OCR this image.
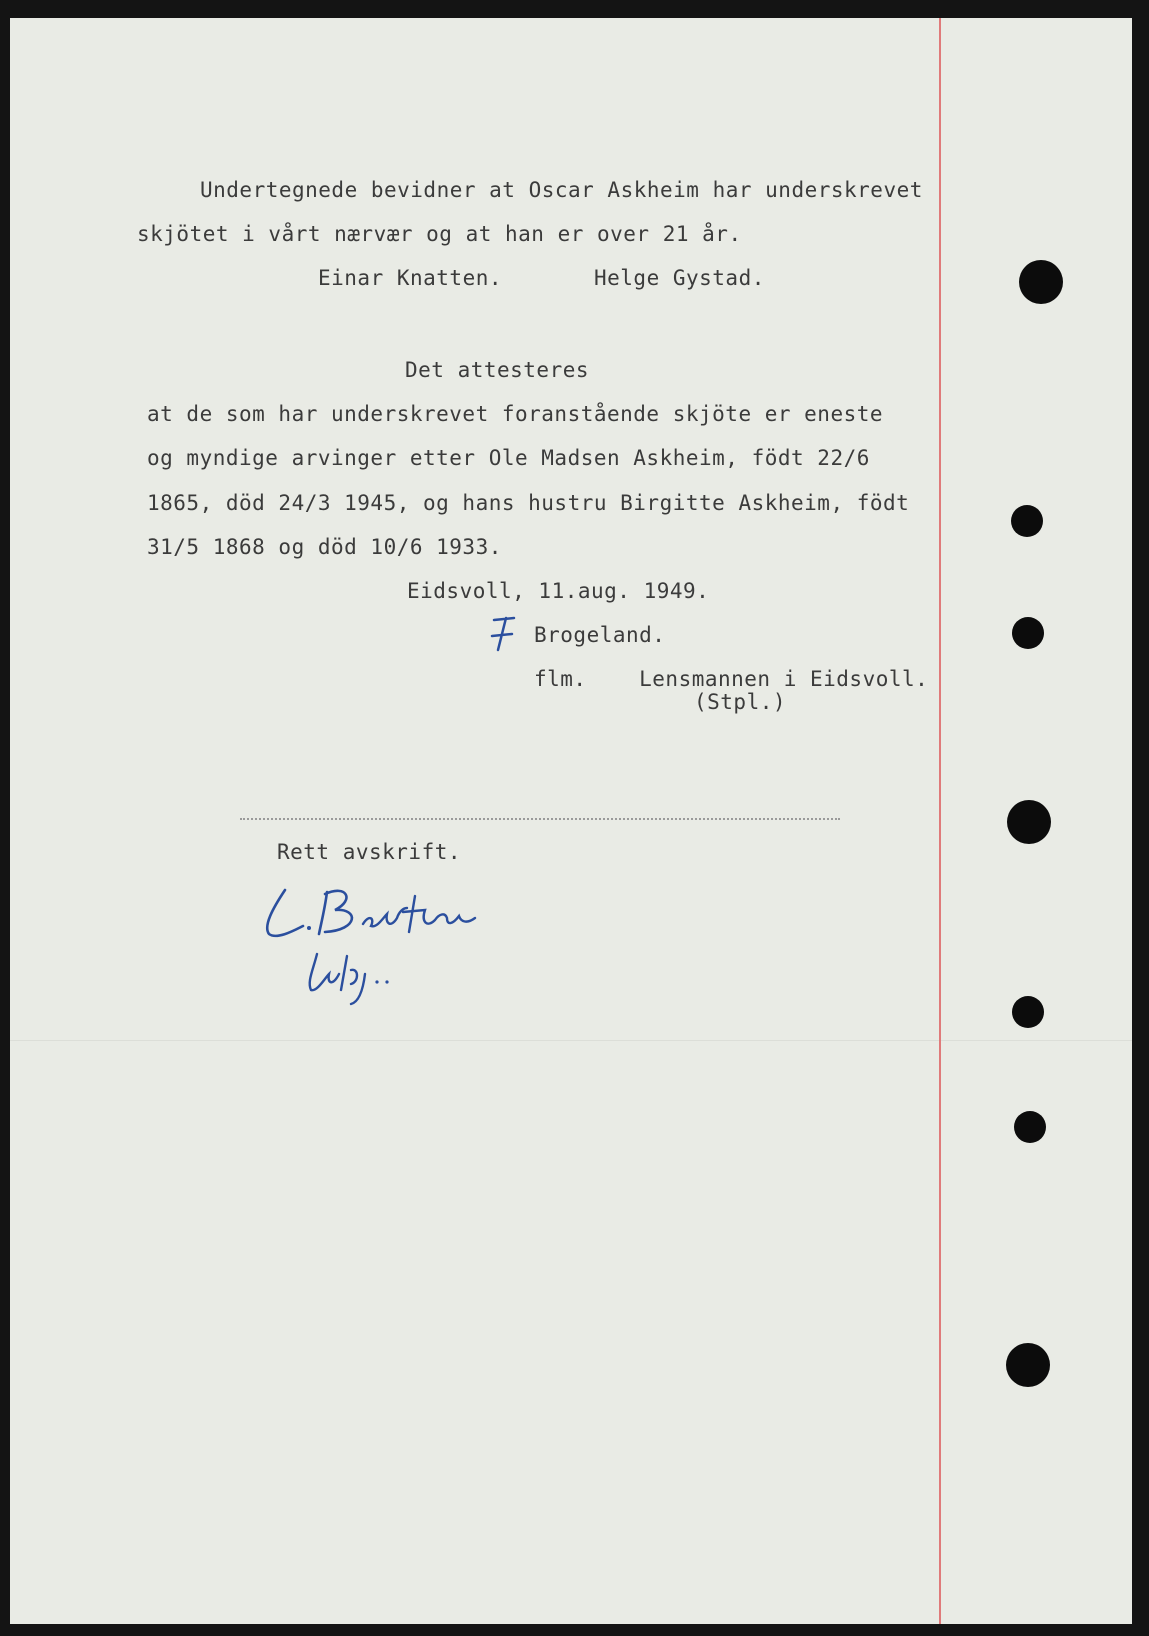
Undertegnede bevidner at Oscar Askheim har underskrevet
skjötet i vårt nærvær og at han er over 21 år.
Einar Knatten.       Helge Gystad.
Det attesteres
at de som har underskrevet foranstående skjöte er eneste
og myndige arvinger etter Ole Madsen Askheim, födt 22/6
1865, död 24/3 1945, og hans hustru Birgitte Askheim, födt
31/5 1868 og död 10/6 1933.
Eidsvoll, 11.aug. 1949.
Brogeland.
flm.    Lensmannen i Eidsvoll.
(Stpl.)
Rett avskrift.
